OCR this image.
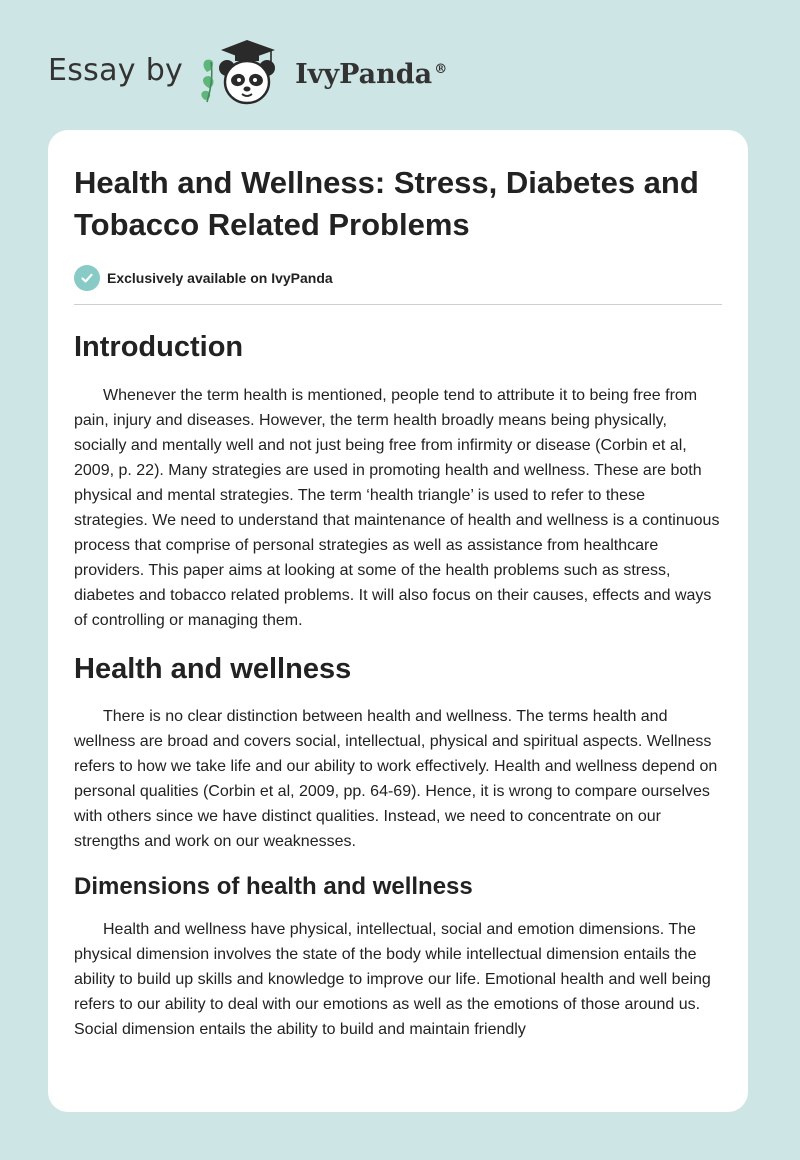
Essay by	IvyPanda ®
Health and Wellness: Stress, Diabetes and Tobacco Related Problems
Exclusively available on IvyPanda
Introduction

Whenever the term health is mentioned, people tend to attribute it to being free from pain, injury and diseases. However, the term health broadly means being physically, socially and mentally well and not just being free from infirmity or disease (Corbin et al, 2009, p. 22). Many strategies are used in promoting health and wellness. These are both physical and mental strategies. The term ‘health triangle’ is used to refer to these strategies. We need to understand that maintenance of health and wellness is a continuous process that comprise of personal strategies as well as assistance from healthcare providers. This paper aims at looking at some of the health problems such as stress, diabetes and tobacco related problems. It will also focus on their causes, effects and ways of controlling or managing them.

Health and wellness

There is no clear distinction between health and wellness. The terms health and wellness are broad and covers social, intellectual, physical and spiritual aspects. Wellness refers to how we take life and our ability to work effectively. Health and wellness depend on personal qualities (Corbin et al, 2009, pp. 64-69). Hence, it is wrong to compare ourselves with others since we have distinct qualities. Instead, we need to concentrate on our strengths and work on our weaknesses.

Dimensions of health and wellness

Health and wellness have physical, intellectual, social and emotion dimensions. The physical dimension involves the state of the body while intellectual dimension entails the ability to build up skills and knowledge to improve our life. Emotional health and well being refers to our ability to deal with our emotions as well as the emotions of those around us. Social dimension entails the ability to build and maintain friendly
